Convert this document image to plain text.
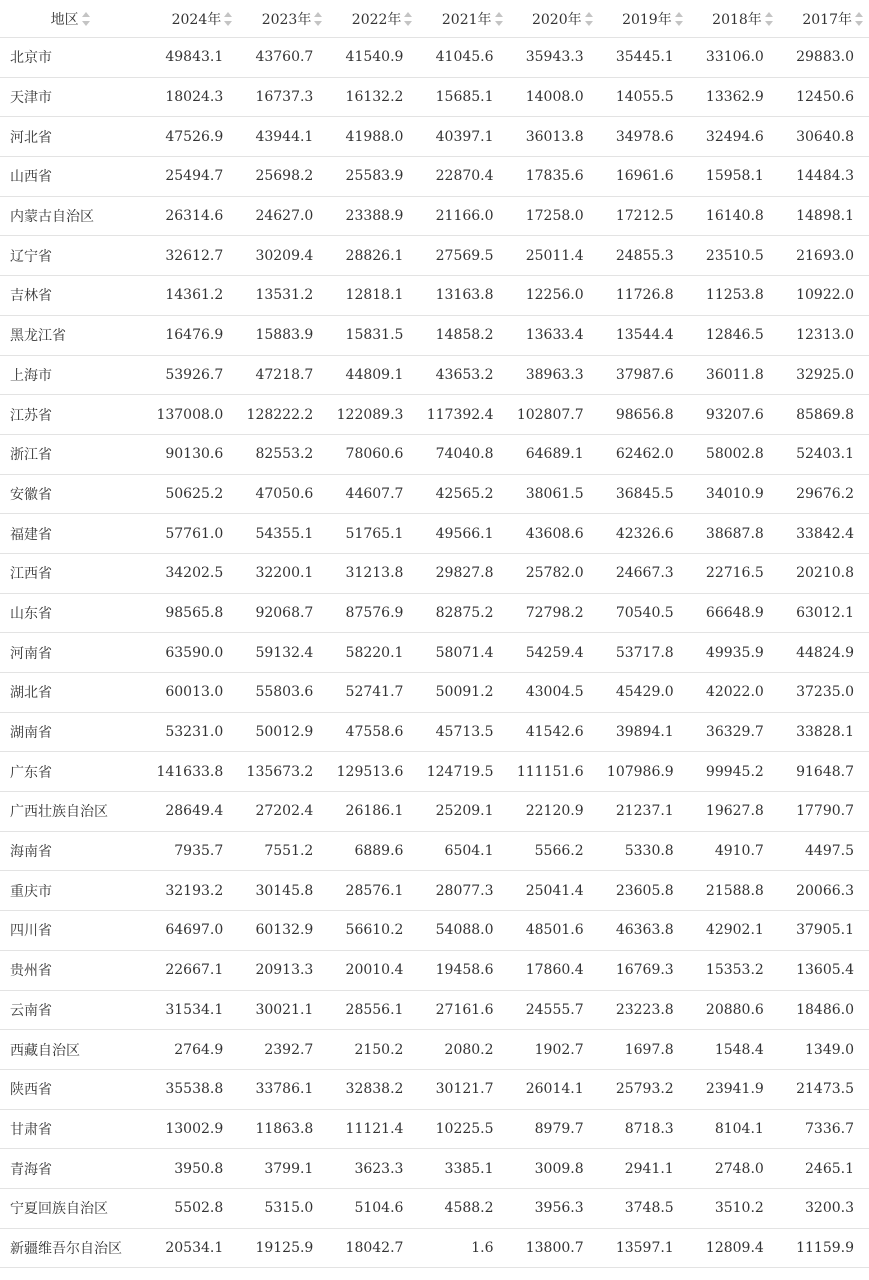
地区	2024年	2023年	2022年	2021年	2020年	2019年	2018年	2017年
北京市	49843.1	43760.7	41540.9	41045.6	35943.3	35445.1	33106.0	29883.0
天津市	18024.3	16737.3	16132.2	15685.1	14008.0	14055.5	13362.9	12450.6
河北省	47526.9	43944.1	41988.0	40397.1	36013.8	34978.6	32494.6	30640.8
山西省	25494.7	25698.2	25583.9	22870.4	17835.6	16961.6	15958.1	14484.3
内蒙古自治区	26314.6	24627.0	23388.9	21166.0	17258.0	17212.5	16140.8	14898.1
辽宁省	32612.7	30209.4	28826.1	27569.5	25011.4	24855.3	23510.5	21693.0
吉林省	14361.2	13531.2	12818.1	13163.8	12256.0	11726.8	11253.8	10922.0
黑龙江省	16476.9	15883.9	15831.5	14858.2	13633.4	13544.4	12846.5	12313.0
上海市	53926.7	47218.7	44809.1	43653.2	38963.3	37987.6	36011.8	32925.0
江苏省	137008.0	128222.2	122089.3	117392.4	102807.7	98656.8	93207.6	85869.8
浙江省	90130.6	82553.2	78060.6	74040.8	64689.1	62462.0	58002.8	52403.1
安徽省	50625.2	47050.6	44607.7	42565.2	38061.5	36845.5	34010.9	29676.2
福建省	57761.0	54355.1	51765.1	49566.1	43608.6	42326.6	38687.8	33842.4
江西省	34202.5	32200.1	31213.8	29827.8	25782.0	24667.3	22716.5	20210.8
山东省	98565.8	92068.7	87576.9	82875.2	72798.2	70540.5	66648.9	63012.1
河南省	63590.0	59132.4	58220.1	58071.4	54259.4	53717.8	49935.9	44824.9
湖北省	60013.0	55803.6	52741.7	50091.2	43004.5	45429.0	42022.0	37235.0
湖南省	53231.0	50012.9	47558.6	45713.5	41542.6	39894.1	36329.7	33828.1
广东省	141633.8	135673.2	129513.6	124719.5	111151.6	107986.9	99945.2	91648.7
广西壮族自治区	28649.4	27202.4	26186.1	25209.1	22120.9	21237.1	19627.8	17790.7
海南省	7935.7	7551.2	6889.6	6504.1	5566.2	5330.8	4910.7	4497.5
重庆市	32193.2	30145.8	28576.1	28077.3	25041.4	23605.8	21588.8	20066.3
四川省	64697.0	60132.9	56610.2	54088.0	48501.6	46363.8	42902.1	37905.1
贵州省	22667.1	20913.3	20010.4	19458.6	17860.4	16769.3	15353.2	13605.4
云南省	31534.1	30021.1	28556.1	27161.6	24555.7	23223.8	20880.6	18486.0
西藏自治区	2764.9	2392.7	2150.2	2080.2	1902.7	1697.8	1548.4	1349.0
陕西省	35538.8	33786.1	32838.2	30121.7	26014.1	25793.2	23941.9	21473.5
甘肃省	13002.9	11863.8	11121.4	10225.5	8979.7	8718.3	8104.1	7336.7
青海省	3950.8	3799.1	3623.3	3385.1	3009.8	2941.1	2748.0	2465.1
宁夏回族自治区	5502.8	5315.0	5104.6	4588.2	3956.3	3748.5	3510.2	3200.3
新疆维吾尔自治区	20534.1	19125.9	18042.7	1.6	13800.7	13597.1	12809.4	11159.9
